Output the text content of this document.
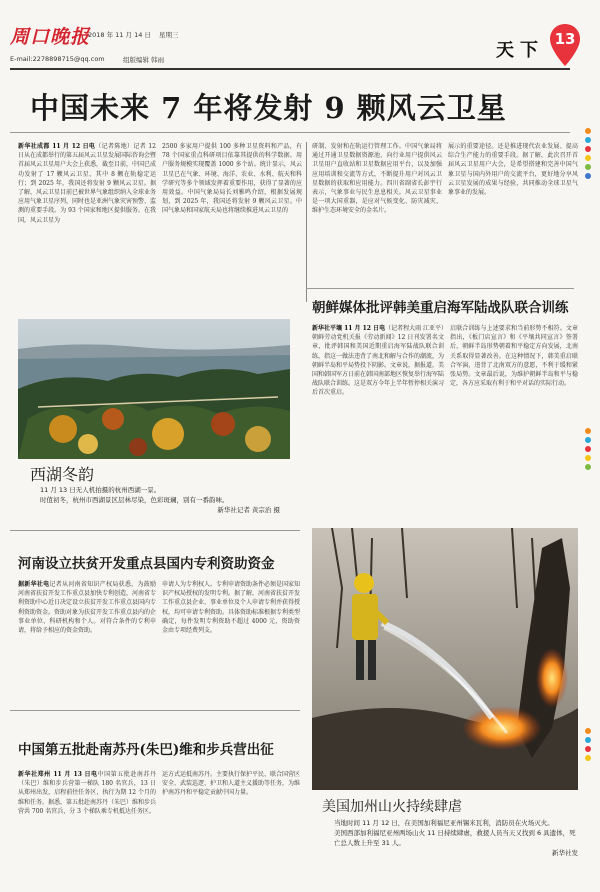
周口晚报
2018 年 11 月 14 日 星期三
E-mail:2278898715@qq.com	组版编辑 韩雨	天下
13
中国未来 7 年将发射 9 颗风云卫星

新华社成都 11 月 12 日电（记者陈地）记者 12 日从在成都举行的第五届风云卫星发展国际咨询会暨首届风云卫星用户大会上获悉，截至目前，中国已成功发射了 17 颗风云卫星，其中 8 颗在轨稳定运行；到 2025 年，我国还将发射 9 颗风云卫星。据了解，风云卫星目前已被世界气象组织纳入全球业务应用气象卫星序列，同时也是亚洲气象灾害预警、监测的重要手段。为 93 个国家和地区提供服务。在我国，风云卫星为

2500 多家用户提供 100 多种卫星资料和产品，有 78 个国家重点科研项目依靠其提供的科学数据。用户服务规模实现覆盖 1000 多个站。统计显示，风云卫星已在气象、环境、海洋、农业、水利、航天和科学研究等多个领域发挥着重要作用，获得了显著的应用效益。中国气象局局长刘雅鸣介绍，根据发展规划，到 2025 年，我国还将发射 9 颗风云卫星。中国气象局和国家航天局也将继续推进风云卫星的

研制、发射和在轨运行管理工作。中国气象局将通过开通卫星数据资源池、向行业用户提供风云卫星用户直收站和卫星数据应用平台，以及加强应用培训和交流等方式，不断提升用户对风云卫星数据的获取和应用能力。四川省副省长彭宇行表示，气象事业与民生息息相关。风云卫星事业是一项大国重器，是应对气候变化、防灾减灾、维护生态环境安全的金名片。

展示的重要途径。还是推进现代农业发展、提高综合生产能力的重要手段。据了解，此次召开首届风云卫星用户大会，是希望搭建和完善中国气象卫星与国内外用户的交流平台，更好地分享风云卫星发展的成果与经验，共同推动全球卫星气象事业的发展。

西湖冬韵
11 月 13 日无人机拍摄的杭州西湖一景。
时值初冬，杭州市西湖景区层林尽染，色彩斑斓，别有一番韵味。
新华社记者 黄宗治 摄
朝鲜媒体批评韩美重启海军陆战队联合训练

新华社平壤 11 月 12 日电（记者程大雨 江亚平）朝鲜劳动党机关报《劳动新闻》12 日刊发署名文章，批评韩国和美国近期重启海军陆战队联合训练，指这一做法违背了南北和解与合作的潮流，为朝鲜半岛和平局势投下阴影。文章说，据报道，美国和韩国军方日前在韩国南部地区恢复举行海军陆战队联合训练。这是双方今年上半年暂停相关演习后首次重启。

启联合训练与上述要求和当前形势不相符。文章指出，《板门店宣言》和《平壤共同宣言》签署后，朝鲜半岛形势朝着和平稳定方向发展，北南关系取得显著改善。在这种情况下，韩美重启联合军演，违背了北南双方的意愿，不利于缓和紧张局势。文章最后说，为维护朝鲜半岛和平与稳定，各方应采取有利于和平对话的实际行动。

河南设立扶贫开发重点县国内专利资助资金

据新华社电记者从河南省知识产权局获悉，为鼓励河南省扶贫开发工作重点县加快专利创造，河南省专利资助中心近日决定设立扶贫开发工作重点县国内专利资助资金。资助对象为扶贫开发工作重点县内的企事业单位、科研机构和个人。对符合条件的专利申请，将给予相应的资金资助。

申请人为专利权人。专利申请资助条件必须是国家知识产权局授权的发明专利。据了解，河南省扶贫开发工作重点县企业、事业单位及个人申请专利并获得授权，均可申请专利资助。具体资助标准根据专利类型确定，每件发明专利资助不超过 4000 元，资助资金由专项经费列支。

中国第五批赴南苏丹(朱巴)维和步兵营出征

新华社郑州 11 月 13 日电中国第五批赴南苏丹（朱巴）维和步兵营第一梯队 180 名官兵，13 日从郑州出发，启程前往任务区，执行为期 12 个月的维和任务。据悉，第五批赴南苏丹（朱巴）维和步兵营共 700 名官兵，分 3 个梯队乘专机抵达任务区。

运方式运抵南苏丹。主要执行保护平民、联合国营区安全、武装巡逻、护卫和人道主义援助等任务，为维护南苏丹和平稳定贡献中国力量。

美国加州山火持续肆虐
当地时间 11 月 12 日，在美国加利福尼亚州锡米瓦利，消防员在火场灭火。
美国西部加利福尼亚州两场山火 11 日持续肆虐，救援人员当天又找到 6 具遗体，死亡总人数上升至 31 人。
新华社发
